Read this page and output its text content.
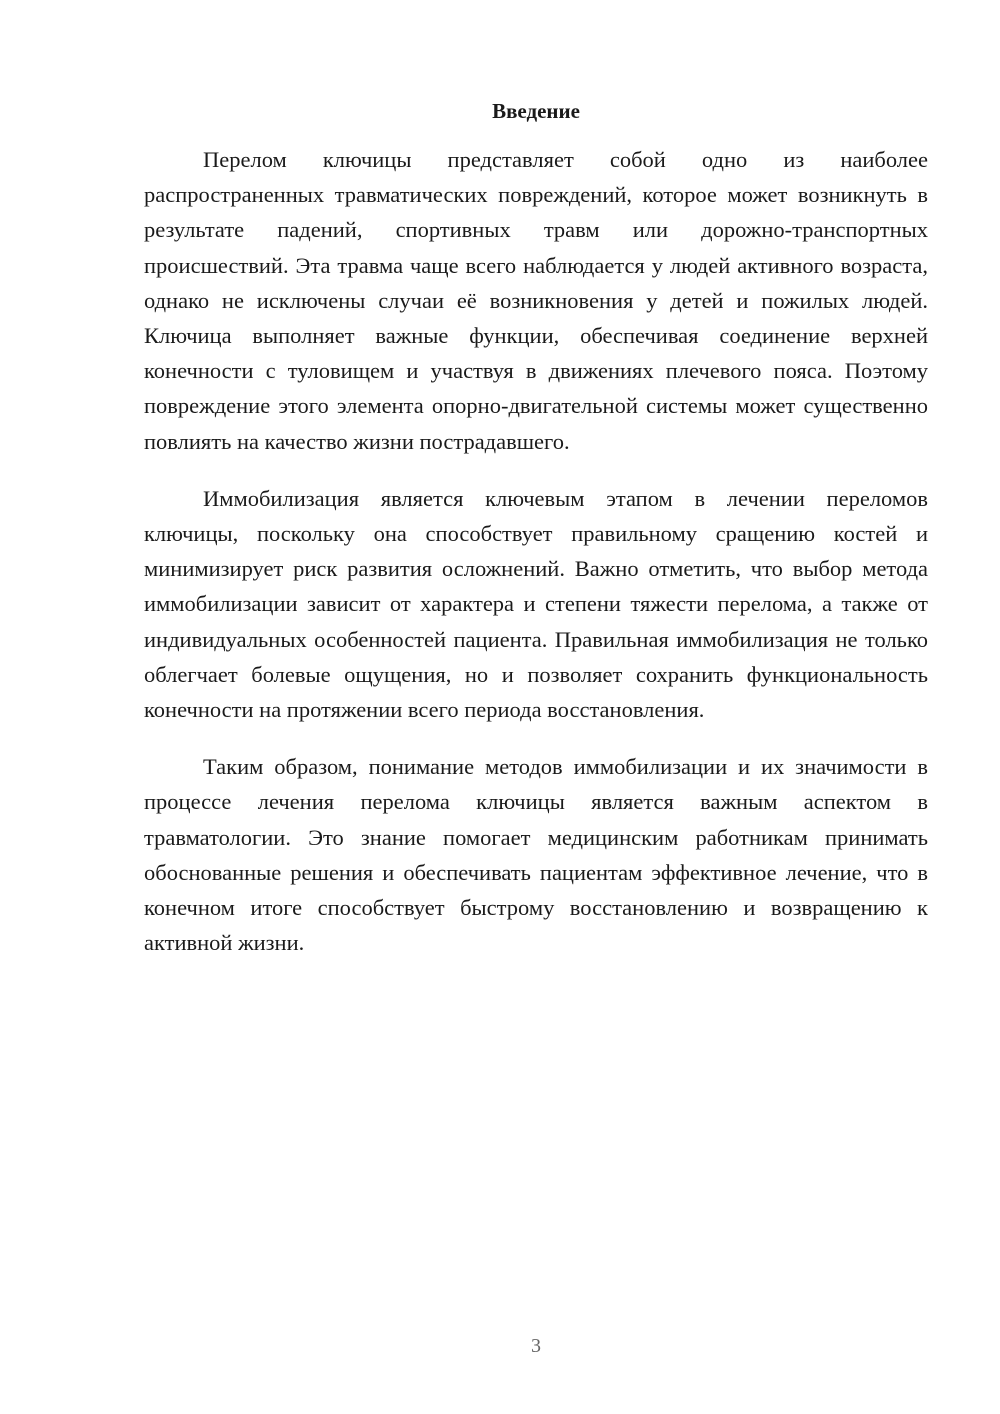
Введение

Перелом ключицы представляет собой одно из наиболее распространенных травматических повреждений, которое может возникнуть в результате падений, спортивных травм или дорожно-транспортных происшествий. Эта травма чаще всего наблюдается у людей активного возраста, однако не исключены случаи её возникновения у детей и пожилых людей. Ключица выполняет важные функции, обеспечивая соединение верхней конечности с туловищем и участвуя в движениях плечевого пояса. Поэтому повреждение этого элемента опорно-двигательной системы может существенно повлиять на качество жизни пострадавшего.

Иммобилизация является ключевым этапом в лечении переломов ключицы, поскольку она способствует правильному сращению костей и минимизирует риск развития осложнений. Важно отметить, что выбор метода иммобилизации зависит от характера и степени тяжести перелома, а также от индивидуальных особенностей пациента. Правильная иммобилизация не только облегчает болевые ощущения, но и позволяет сохранить функциональность конечности на протяжении всего периода восстановления.

Таким образом, понимание методов иммобилизации и их значимости в процессе лечения перелома ключицы является важным аспектом в травматологии. Это знание помогает медицинским работникам принимать обоснованные решения и обеспечивать пациентам эффективное лечение, что в конечном итоге способствует быстрому восстановлению и возвращению к активной жизни.

3
